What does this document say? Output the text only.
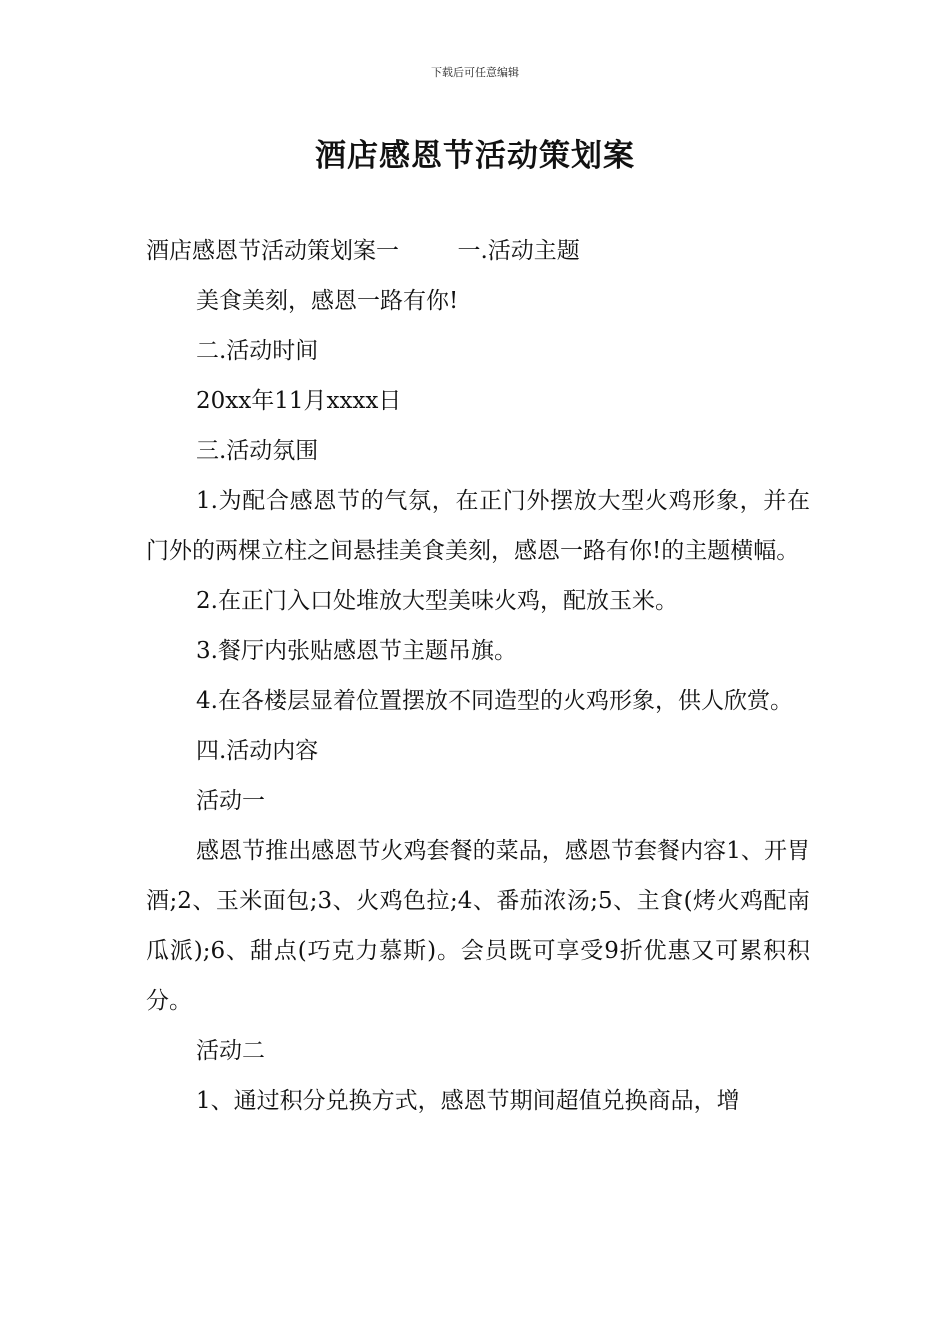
下载后可任意编辑
酒店感恩节活动策划案

酒店感恩节活动策划案一        一.活动主题

美食美刻，感恩一路有你!

二.活动时间

20xx年11月xxxx日

三.活动氛围

1.为配合感恩节的气氛，在正门外摆放大型火鸡形象，并在门外的两棵立柱之间悬挂美食美刻，感恩一路有你!的主题横幅。

2.在正门入口处堆放大型美味火鸡，配放玉米。

3.餐厅内张贴感恩节主题吊旗。

4.在各楼层显着位置摆放不同造型的火鸡形象，供人欣赏。

四.活动内容

活动一

感恩节推出感恩节火鸡套餐的菜品，感恩节套餐内容1、开胃酒;2、玉米面包;3、火鸡色拉;4、番茄浓汤;5、主食(烤火鸡配南瓜派);6、甜点(巧克力慕斯)。会员既可享受9折优惠又可累积积分。

活动二

1、通过积分兑换方式，感恩节期间超值兑换商品，增
